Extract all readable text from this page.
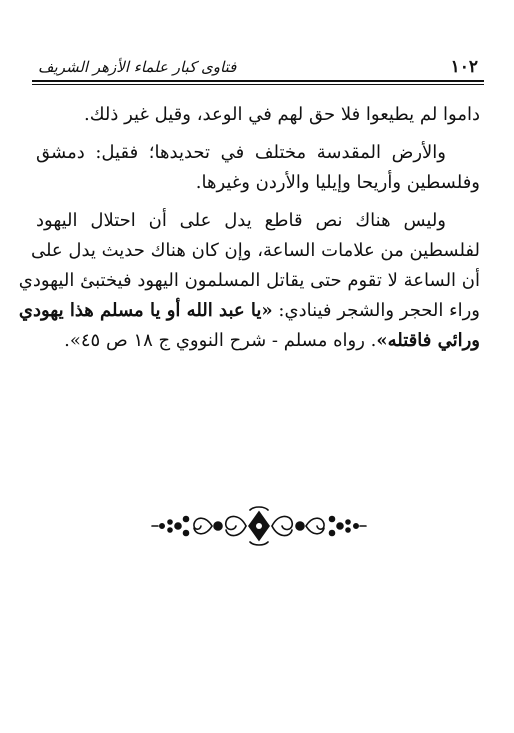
فتاوى كبار علماء الأزهر الشريف	١٠٢
داموا لم يطيعوا فلا حق لهم في الوعد، وقيل غير ذلك.
والأرض المقدسة مختلف في تحديدها؛ فقيل: دمشق
وفلسطين وأريحا وإيليا والأردن وغيرها.
وليس هناك نص قاطع يدل على أن احتلال اليهود
لفلسطين من علامات الساعة، وإن كان هناك حديث يدل على
أن الساعة لا تقوم حتى يقاتل المسلمون اليهود فيختبئ اليهودي
وراء الحجر والشجر فينادي: «يا عبد الله أو يا مسلم هذا يهودي
ورائي فاقتله». رواه مسلم - شرح النووي ج ١٨ ص ٤٥».
